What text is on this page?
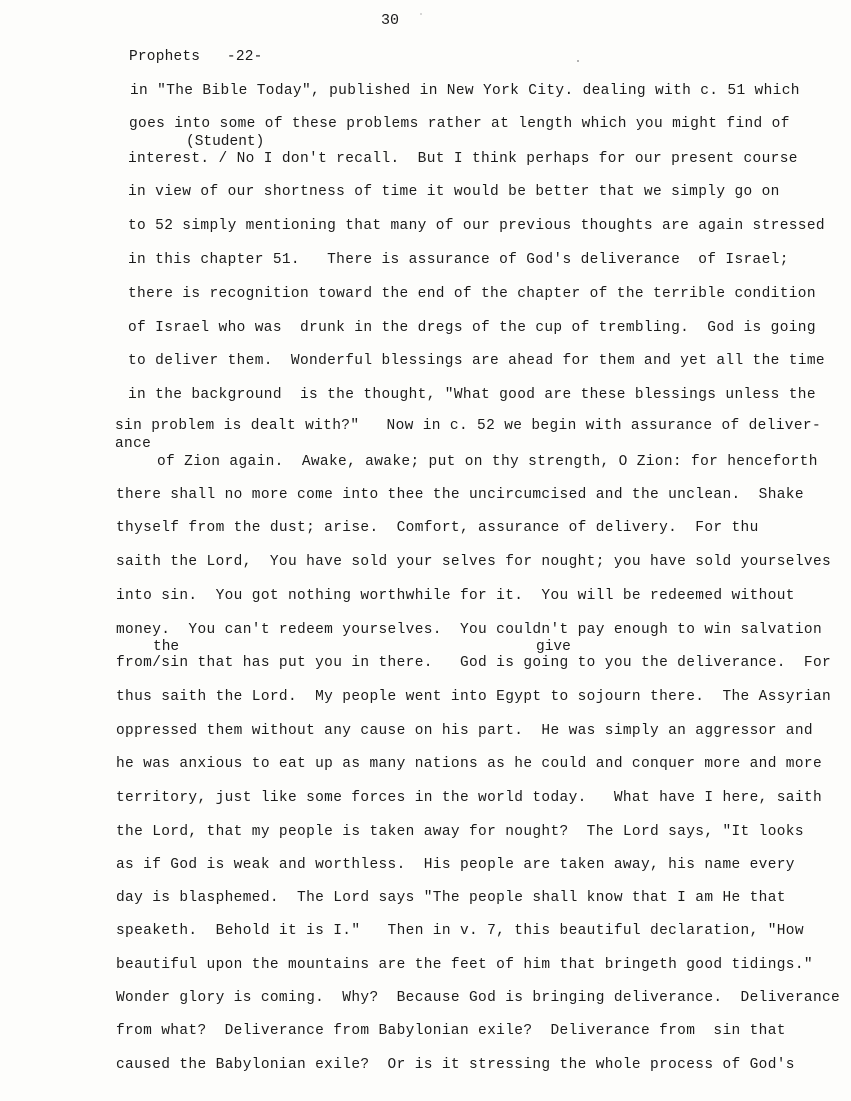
30
Prophets   -22-
in "The Bible Today", published in New York City. dealing with c. 51 which
goes into some of these problems rather at length which you might find of
(Student)
interest. / No I don't recall.  But I think perhaps for our present course
in view of our shortness of time it would be better that we simply go on
to 52 simply mentioning that many of our previous thoughts are again stressed
in this chapter 51.   There is assurance of God's deliverance  of Israel;
there is recognition toward the end of the chapter of the terrible condition
of Israel who was  drunk in the dregs of the cup of trembling.  God is going
to deliver them.  Wonderful blessings are ahead for them and yet all the time
in the background  is the thought, "What good are these blessings unless the
sin problem is dealt with?"   Now in c. 52 we begin with assurance of deliver-
ance
of Zion again.  Awake, awake; put on thy strength, O Zion: for henceforth
there shall no more come into thee the uncircumcised and the unclean.  Shake
thyself from the dust; arise.  Comfort, assurance of delivery.  For thu
saith the Lord,  You have sold your selves for nought; you have sold yourselves
into sin.  You got nothing worthwhile for it.  You will be redeemed without
money.  You can't redeem yourselves.  You couldn't pay enough to win salvation
the	give
from/sin that has put you in there.   God is going to you the deliverance.  For
thus saith the Lord.  My people went into Egypt to sojourn there.  The Assyrian
oppressed them without any cause on his part.  He was simply an aggressor and
he was anxious to eat up as many nations as he could and conquer more and more
territory, just like some forces in the world today.   What have I here, saith
the Lord, that my people is taken away for nought?  The Lord says, "It looks
as if God is weak and worthless.  His people are taken away, his name every
day is blasphemed.  The Lord says "The people shall know that I am He that
speaketh.  Behold it is I."   Then in v. 7, this beautiful declaration, "How
beautiful upon the mountains are the feet of him that bringeth good tidings."
Wonder glory is coming.  Why?  Because God is bringing deliverance.  Deliverance
from what?  Deliverance from Babylonian exile?  Deliverance from  sin that
caused the Babylonian exile?  Or is it stressing the whole process of God's
